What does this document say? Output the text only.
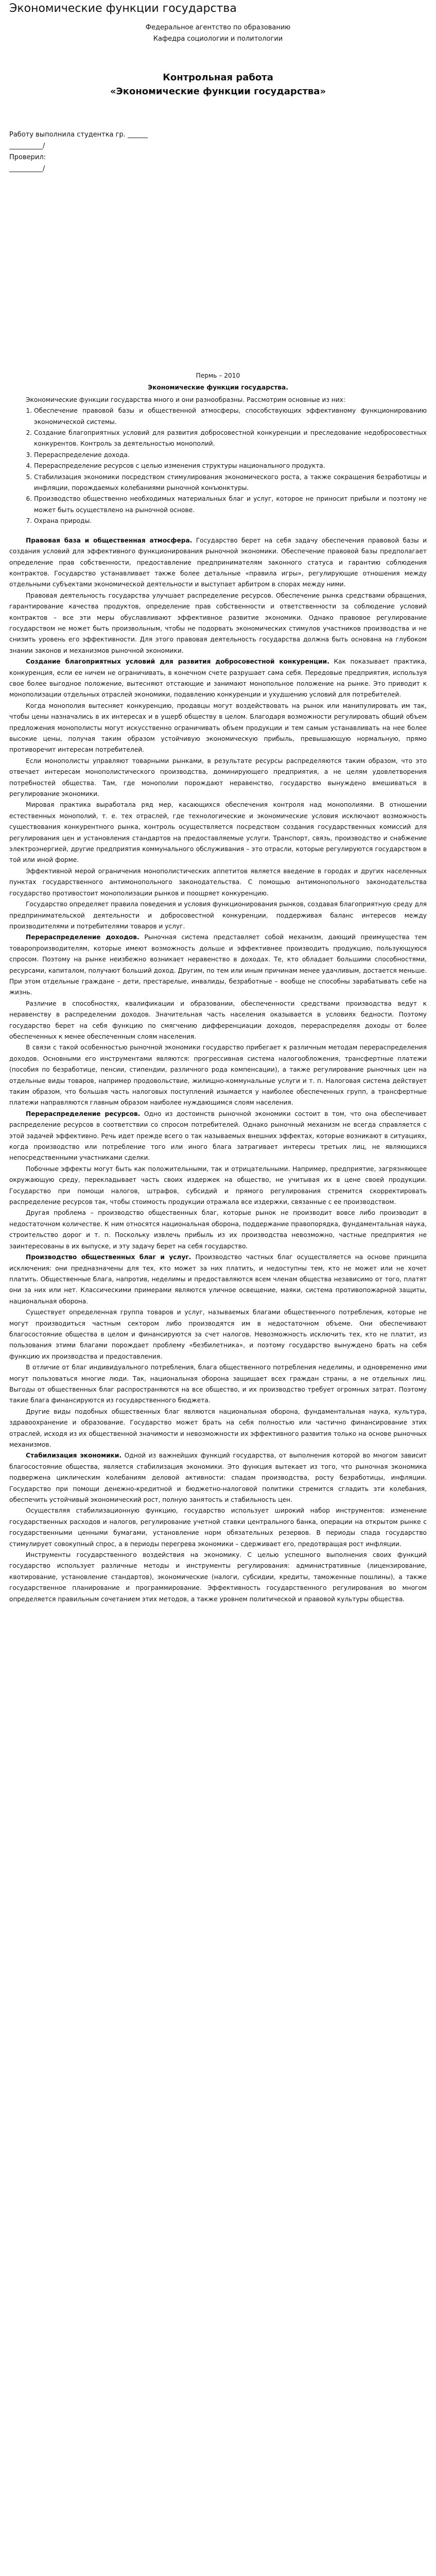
Экономические функции государства
Федеральное агентство по образованию
Кафедра социологии и политологии
Контрольная работа
«Экономические функции государства»

Работу выполнила студентка гр. ______

__________/

Проверил:

__________/

Пермь – 2010
Экономические функции государства.

Экономические функции государства много и они разнообразны. Рассмотрим основные из них:

1. Обеспечение правовой базы и общественной атмосферы, способствующих эффективному функционированию экономической системы.
2. Создание благоприятных условий для развития добросовестной конкуренции и преследование недобросовестных конкурентов. Контроль за деятельностью монополий.
3. Перераспределение дохода.
4. Перераспределение ресурсов с целью изменения структуры национального продукта.
5. Стабилизация экономики посредством стимулирования экономического роста, а также сокращения безработицы и инфляции, порождаемых колебаниями рыночной конъюнктуры.
6. Производство общественно необходимых материальных благ и услуг, которое не приносит прибыли и поэтому не может быть осуществлено на рыночной основе.
7. Охрана природы.

Правовая база и общественная атмосфера. Государство берет на себя задачу обеспечения правовой базы и создания условий для эффективного функционирования рыночной экономики. Обеспечение правовой базы предполагает определение прав собственности, предоставление предпринимателям законного статуса и гарантию соблюдения контрактов. Государство устанавливает также более детальные «правила игры», регулирующие отношения между отдельными субъектами экономической деятельности и выступает арбитром в спорах между ними.

Правовая деятельность государства улучшает распределение ресурсов. Обеспечение рынка средствами обращения, гарантирование качества продуктов, определение прав собственности и ответственности за соблюдение условий контрактов – все эти меры обуславливают эффективное развитие экономики. Однако правовое регулирование государством не может быть произвольным, чтобы не подорвать экономических стимулов участников производства и не снизить уровень его эффективности. Для этого правовая деятельность государства должна быть основана на глубоком знании законов и механизмов рыночной экономики.

Создание благоприятных условий для развития добросовестной конкуренции. Как показывает практика, конкуренция, если ее ничем не ограничивать, в конечном счете разрушает сама себя. Передовые предприятия, используя свое более выгодное положение, вытесняют отстающие и занимают монопольное положение на рынке. Это приводит к монополизации отдельных отраслей экономики, подавлению конкуренции и ухудшению условий для потребителей.

Когда монополия вытесняет конкуренцию, продавцы могут воздействовать на рынок или манипулировать им так, чтобы цены назначались в их интересах и в ущерб обществу в целом. Благодаря возможности регулировать общий объем предложения монополисты могут искусственно ограничивать объем продукции и тем самым устанавливать на нее более высокие цены, получая таким образом устойчивую экономическую прибыль, превышающую нормальную, прямо противоречит интересам потребителей.

Если монополисты управляют товарными рынками, в результате ресурсы распределяются таким образом, что это отвечает интересам монополистического производства, доминирующего предприятия, а не целям удовлетворения потребностей общества. Там, где монополии порождают неравенство, государство вынуждено вмешиваться в регулирование экономики.

Мировая практика выработала ряд мер, касающихся обеспечения контроля над монополиями. В отношении естественных монополий, т. е. тех отраслей, где технологические и экономические условия исключают возможность существования конкурентного рынка, контроль осуществляется посредством создания государственных комиссий для регулирования цен и установления стандартов на предоставляемые услуги. Транспорт, связь, производство и снабжение электроэнергией, другие предприятия коммунального обслуживания – это отрасли, которые регулируются государством в той или иной форме.

Эффективной мерой ограничения монополистических аппетитов является введение в городах и других населенных пунктах государственного антимонопольного законодательства. С помощью антимонопольного законодательства государство противостоит монополизации рынков и поощряет конкуренцию.

Государство определяет правила поведения и условия функционирования рынков, создавая благоприятную среду для предпринимательской деятельности и добросовестной конкуренции, поддерживая баланс интересов между производителями и потребителями товаров и услуг.

Перераспределение доходов. Рыночная система представляет собой механизм, дающий преимущества тем товаропроизводителям, которые имеют возможность дольше и эффективнее производить продукцию, пользующуюся спросом. Поэтому на рынке неизбежно возникает неравенство в доходах. Те, кто обладает большими способностями, ресурсами, капиталом, получают больший доход. Другим, по тем или иным причинам менее удачливым, достается меньше. При этом отдельные граждане – дети, престарелые, инвалиды, безработные – вообще не способны зарабатывать себе на жизнь.

Различие в способностях, квалификации и образовании, обеспеченности средствами производства ведут к неравенству в распределении доходов. Значительная часть населения оказывается в условиях бедности. Поэтому государство берет на себя функцию по смягчению дифференциации доходов, перераспределяя доходы от более обеспеченных к менее обеспеченным слоям населения.

В связи с такой особенностью рыночной экономики государство прибегает к различным методам перераспределения доходов. Основными его инструментами являются: прогрессивная система налогообложения, трансфертные платежи (пособия по безработице, пенсии, стипендии, различного рода компенсации), а также регулирование рыночных цен на отдельные виды товаров, например продовольствие, жилищно-коммунальные услуги и т. п. Налоговая система действует таким образом, что большая часть налоговых поступлений изымается у наиболее обеспеченных групп, а трансфертные платежи направляются главным образом наиболее нуждающимся слоям населения.

Перераспределение ресурсов. Одно из достоинств рыночной экономики состоит в том, что она обеспечивает распределение ресурсов в соответствии со спросом потребителей. Однако рыночный механизм не всегда справляется с этой задачей эффективно. Речь идет прежде всего о так называемых внешних эффектах, которые возникают в ситуациях, когда производство или потребление того или иного блага затрагивает интересы третьих лиц, не являющихся непосредственными участниками сделки.

Побочные эффекты могут быть как положительными, так и отрицательными. Например, предприятие, загрязняющее окружающую среду, перекладывает часть своих издержек на общество, не учитывая их в цене своей продукции. Государство при помощи налогов, штрафов, субсидий и прямого регулирования стремится скорректировать распределение ресурсов так, чтобы стоимость продукции отражала все издержки, связанные с ее производством.

Другая проблема – производство общественных благ, которые рынок не производит вовсе либо производит в недостаточном количестве. К ним относятся национальная оборона, поддержание правопорядка, фундаментальная наука, строительство дорог и т. п. Поскольку извлечь прибыль из их производства невозможно, частные предприятия не заинтересованы в их выпуске, и эту задачу берет на себя государство.

Производство общественных благ и услуг. Производство частных благ осуществляется на основе принципа исключения: они предназначены для тех, кто может за них платить, и недоступны тем, кто не может или не хочет платить. Общественные блага, напротив, неделимы и предоставляются всем членам общества независимо от того, платят они за них или нет. Классическими примерами являются уличное освещение, маяки, система противопожарной защиты, национальная оборона.

Существует определенная группа товаров и услуг, называемых благами общественного потребления, которые не могут производиться частным сектором либо производятся им в недостаточном объеме. Они обеспечивают благосостояние общества в целом и финансируются за счет налогов. Невозможность исключить тех, кто не платит, из пользования этими благами порождает проблему «безбилетника», и поэтому государство вынуждено брать на себя функцию их производства и предоставления.

В отличие от благ индивидуального потребления, блага общественного потребления неделимы, и одновременно ими могут пользоваться многие люди. Так, национальная оборона защищает всех граждан страны, а не отдельных лиц. Выгоды от общественных благ распространяются на все общество, и их производство требует огромных затрат. Поэтому такие блага финансируются из государственного бюджета.

Другие виды подобных общественных благ являются национальная оборона, фундаментальная наука, культура, здравоохранение и образование. Государство может брать на себя полностью или частично финансирование этих отраслей, исходя из их общественной значимости и невозможности их эффективного развития только на основе рыночных механизмов.

Стабилизация экономики. Одной из важнейших функций государства, от выполнения которой во многом зависит благосостояние общества, является стабилизация экономики. Это функция вытекает из того, что рыночная экономика подвержена циклическим колебаниям деловой активности: спадам производства, росту безработицы, инфляции. Государство при помощи денежно-кредитной и бюджетно-налоговой политики стремится сгладить эти колебания, обеспечить устойчивый экономический рост, полную занятость и стабильность цен.

Осуществляя стабилизационную функцию, государство использует широкий набор инструментов: изменение государственных расходов и налогов, регулирование учетной ставки центрального банка, операции на открытом рынке с государственными ценными бумагами, установление норм обязательных резервов. В периоды спада государство стимулирует совокупный спрос, а в периоды перегрева экономики – сдерживает его, предотвращая рост инфляции.

Инструменты государственного воздействия на экономику. С целью успешного выполнения своих функций государство использует различные методы и инструменты регулирования: административные (лицензирование, квотирование, установление стандартов), экономические (налоги, субсидии, кредиты, таможенные пошлины), а также государственное планирование и программирование. Эффективность государственного регулирования во многом определяется правильным сочетанием этих методов, а также уровнем политической и правовой культуры общества.
